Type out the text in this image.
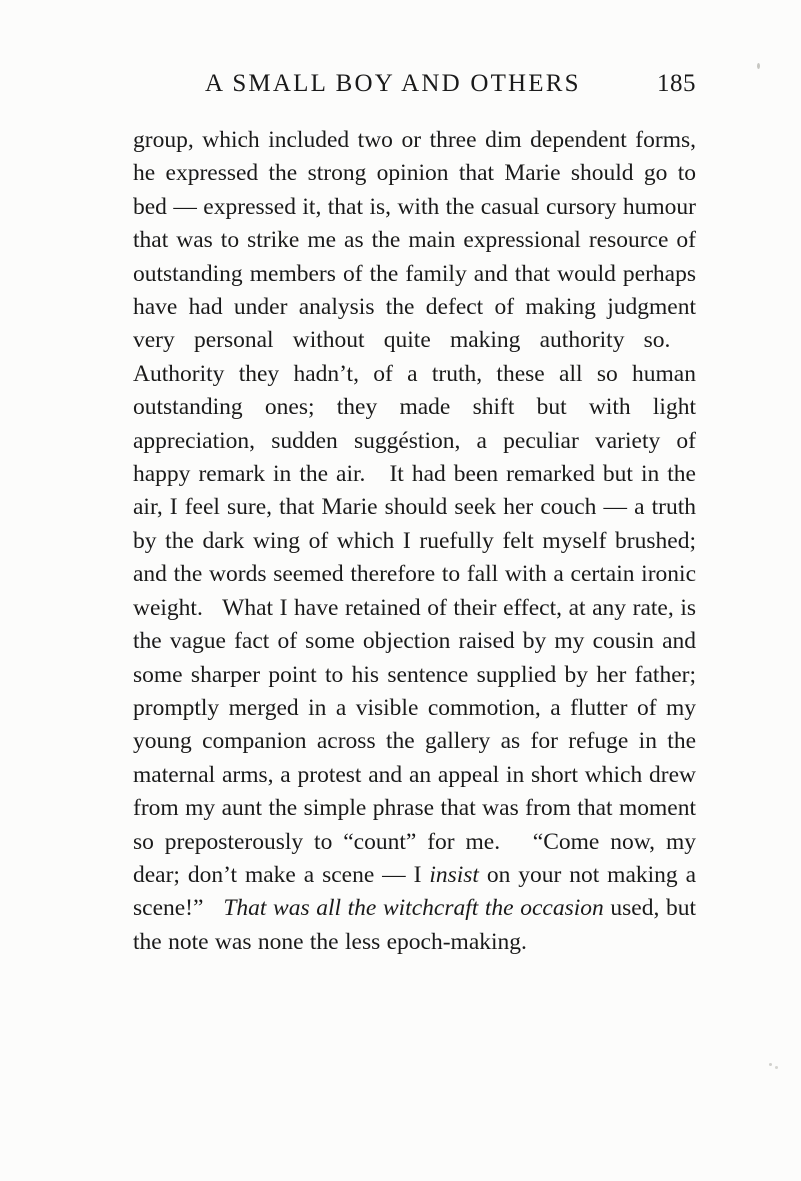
A SMALL BOY AND OTHERS	185

group, which included two or three dim dependent forms, he expressed the strong opinion that Marie should go to bed — expressed it, that is, with the casual cursory humour that was to strike me as the main expressional resource of outstanding members of the family and that would perhaps have had under analysis the defect of making judgment very personal without quite making authority so.   Authority they hadn’t, of a truth, these all so human outstanding ones; they made shift but with light appreciation, sudden suggéstion, a peculiar variety of happy remark in the air.   It had been remarked but in the air, I feel sure, that Marie should seek her couch — a truth by the dark wing of which I ruefully felt myself brushed; and the words seemed therefore to fall with a certain ironic weight.   What I have retained of their effect, at any rate, is the vague fact of some objection raised by my cousin and some sharper point to his sentence supplied by her father; promptly merged in a visible commotion, a flutter of my young companion across the gallery as for refuge in the maternal arms, a protest and an appeal in short which drew from my aunt the simple phrase that was from that moment so preposterously to “count” for me.   “Come now, my dear; don’t make a scene — I insist on your not making a scene!”   That was all the witchcraft the occasion used, but the note was none the less epoch-making.
